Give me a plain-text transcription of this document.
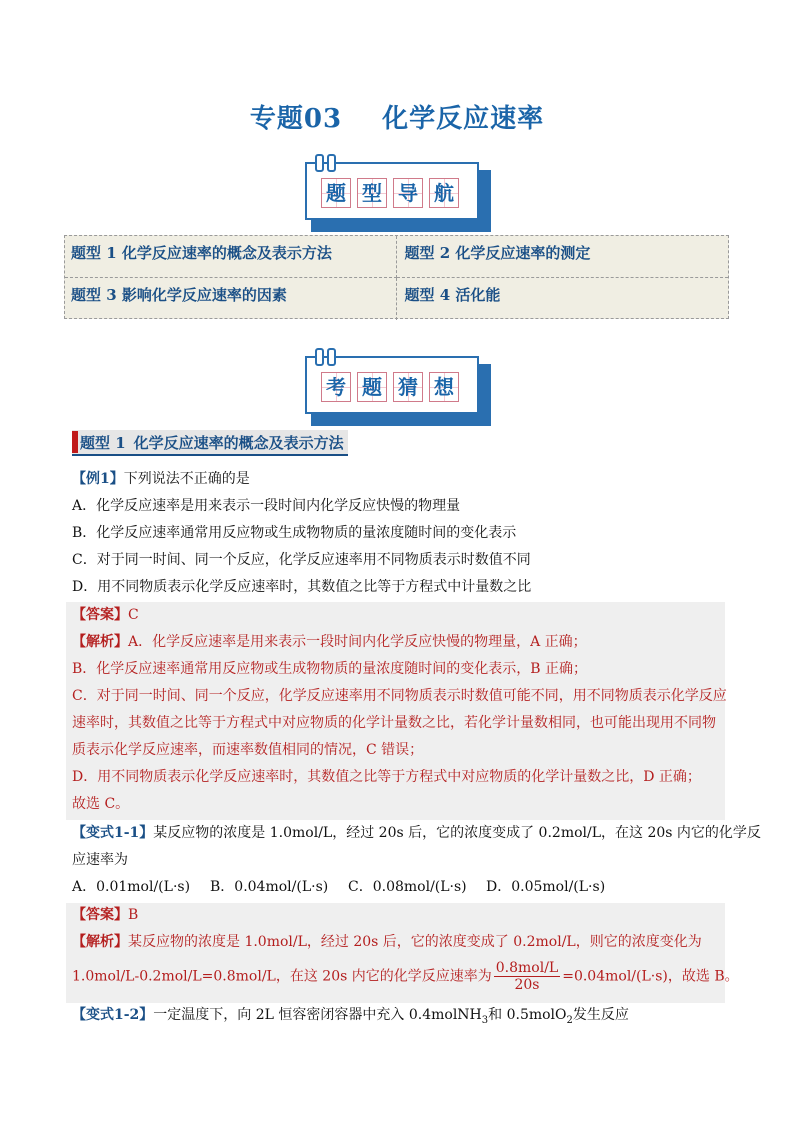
专题03 化学反应速率
题 型 导 航
题型 1 化学反应速率的概念及表示方法	题型 2 化学反应速率的测定
题型 3 影响化学反应速率的因素	题型 4 活化能
考 题 猜 想
题型 1 化学反应速率的概念及表示方法
【例1】下列说法不正确的是
A．化学反应速率是用来表示一段时间内化学反应快慢的物理量
B．化学反应速率通常用反应物或生成物物质的量浓度随时间的变化表示
C．对于同一时间、同一个反应，化学反应速率用不同物质表示时数值不同
D．用不同物质表示化学反应速率时，其数值之比等于方程式中计量数之比
【答案】C
【解析】A．化学反应速率是用来表示一段时间内化学反应快慢的物理量，A 正确；
B．化学反应速率通常用反应物或生成物物质的量浓度随时间的变化表示，B 正确；
C．对于同一时间、同一个反应，化学反应速率用不同物质表示时数值可能不同，用不同物质表示化学反应
速率时，其数值之比等于方程式中对应物质的化学计量数之比，若化学计量数相同，也可能出现用不同物
质表示化学反应速率，而速率数值相同的情况，C 错误；
D．用不同物质表示化学反应速率时，其数值之比等于方程式中对应物质的化学计量数之比，D 正确；
故选 C。
【变式1-1】某反应物的浓度是 1.0mol/L，经过 20s 后，它的浓度变成了 0.2mol/L，在这 20s 内它的化学反
应速率为
A．0.01mol/(L·s) B．0.04mol/(L·s) C．0.08mol/(L·s) D．0.05mol/(L·s)
【答案】B
【解析】某反应物的浓度是 1.0mol/L，经过 20s 后，它的浓度变成了 0.2mol/L，则它的浓度变化为
1.0mol/L-0.2mol/L=0.8mol/L，在这 20s 内它的化学反应速率为 $\frac{\text{0.8mol/L}}{20s} =0.04mol/(L\cdot s)$，故选 B。
【变式1-2】一定温度下，向 2L 恒容密闭容器中充入 0.4molNH$_3$和 0.5molO$_2$发生反应
